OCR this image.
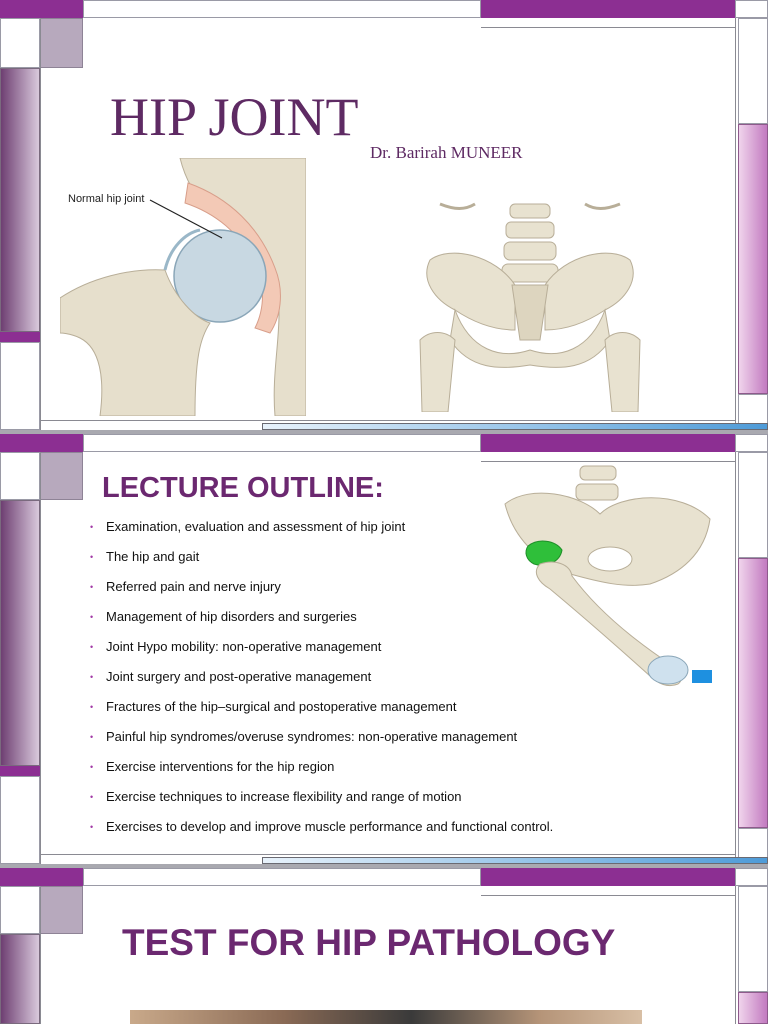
HIP JOINT
Dr. Barirah MUNEER
Normal hip joint
LECTURE OUTLINE:
• Examination, evaluation and assessment of hip joint
• The hip and gait
• Referred pain and nerve injury
• Management of hip disorders and surgeries
• Joint Hypo mobility: non-operative management
• Joint surgery and post-operative management
• Fractures of the hip–surgical and postoperative management
• Painful hip syndromes/overuse syndromes: non-operative management
• Exercise interventions for the hip region
• Exercise techniques to increase flexibility and range of motion
• Exercises to develop and improve muscle performance and functional control.
TEST FOR HIP PATHOLOGY
